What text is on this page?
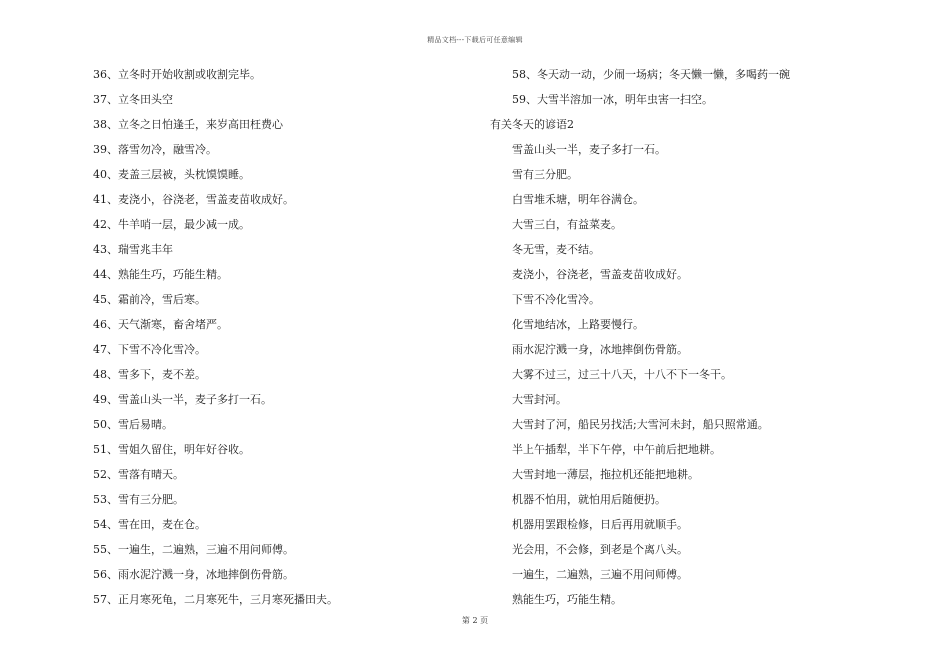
精品文档---下载后可任意编辑
36、立冬时开始收割或收割完毕。
37、立冬田头空
38、立冬之日怕逢壬，来岁高田枉费心
39、落雪勿冷，融雪冷。
40、麦盖三层被，头枕馍馍睡。
41、麦浇小，谷浇老，雪盖麦苗收成好。
42、牛羊哨一层，最少减一成。
43、瑞雪兆丰年
44、熟能生巧，巧能生精。
45、霜前冷，雪后寒。
46、天气渐寒，畜舍堵严。
47、下雪不冷化雪冷。
48、雪多下，麦不差。
49、雪盖山头一半，麦子多打一石。
50、雪后易晴。
51、雪姐久留住，明年好谷收。
52、雪落有晴天。
53、雪有三分肥。
54、雪在田，麦在仓。
55、一遍生，二遍熟，三遍不用问师傅。
56、雨水泥泞溅一身，冰地摔倒伤骨筋。
57、正月寒死龟，二月寒死牛，三月寒死播田夫。
58、冬天动一动，少闹一场病；冬天懒一懒，多喝药一碗
59、大雪半溶加一冰，明年虫害一扫空。
有关冬天的谚语2
雪盖山头一半，麦子多打一石。
雪有三分肥。
白雪堆禾塘，明年谷满仓。
大雪三白，有益菜麦。
冬无雪，麦不结。
麦浇小，谷浇老，雪盖麦苗收成好。
下雪不冷化雪冷。
化雪地结冰，上路要慢行。
雨水泥泞溅一身，冰地摔倒伤骨筋。
大雾不过三，过三十八天，十八不下一冬干。
大雪封河。
大雪封了河，船民另找活;大雪河未封，船只照常通。
半上午插犁，半下午停，中午前后把地耕。
大雪封地一薄层，拖拉机还能把地耕。
机器不怕用，就怕用后随便扔。
机器用罢跟检修，日后再用就顺手。
光会用，不会修，到老是个离八头。
一遍生，二遍熟，三遍不用问师傅。
熟能生巧，巧能生精。
第 2 页
